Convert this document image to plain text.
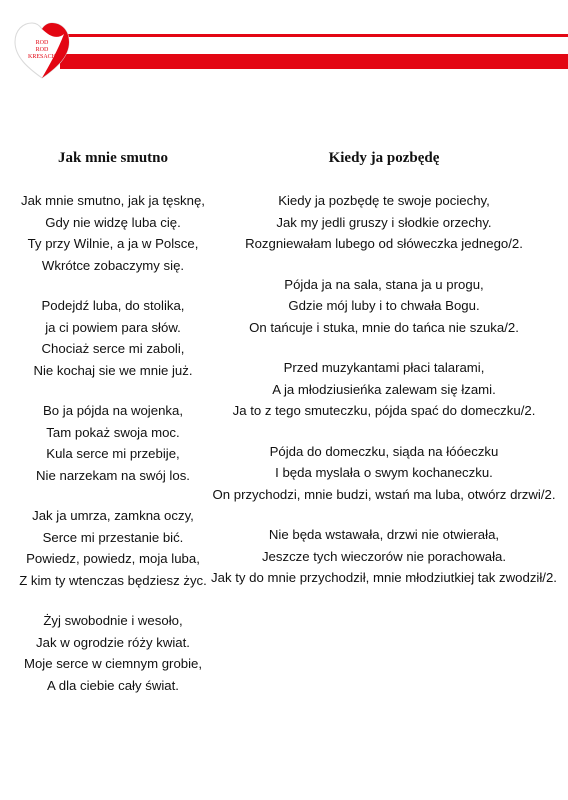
ROD
ROD
KRESACH
Jak mnie smutno
Jak mnie smutno, jak ja tęsknę,
Gdy nie widzę luba cię.
Ty przy Wilnie, a ja w Polsce,
Wkrótce zobaczymy się.
Podejdź luba, do stolika,
ja ci powiem para słów.
Chociaż serce mi zaboli,
Nie kochaj sie we mnie już.
Bo ja pójda na wojenka,
Tam pokaż swoja moc.
Kula serce mi przebije,
Nie narzekam na swój los.
Jak ja umrza, zamkna oczy,
Serce mi przestanie bić.
Powiedz, powiedz, moja luba,
Z kim ty wtenczas będziesz życ.
Żyj swobodnie i wesoło,
Jak w ogrodzie róży kwiat.
Moje serce w ciemnym grobie,
A dla ciebie cały świat.
Kiedy ja pozbędę
Kiedy ja pozbędę te swoje pociechy,
Jak my jedli gruszy i słodkie orzechy.
Rozgniewałam lubego od słóweczka jednego/2.
Pójda ja na sala, stana ja u progu,
Gdzie mój luby i to chwała Bogu.
On tańcuje i stuka, mnie do tańca nie szuka/2.
Przed muzykantami płaci talarami,
A ja młodziusieńka zalewam się łzami.
Ja to z tego smuteczku, pójda spać do domeczku/2.
Pójda do domeczku, siąda na łóóeczku
I będa myslała o swym kochaneczku.
On przychodzi, mnie budzi, wstań ma luba, otwórz drzwi/2.
Nie będa wstawała, drzwi nie otwierała,
Jeszcze tych wieczorów nie porachowała.
Jak ty do mnie przychodził, mnie młodziutkiej tak zwodził/2.
